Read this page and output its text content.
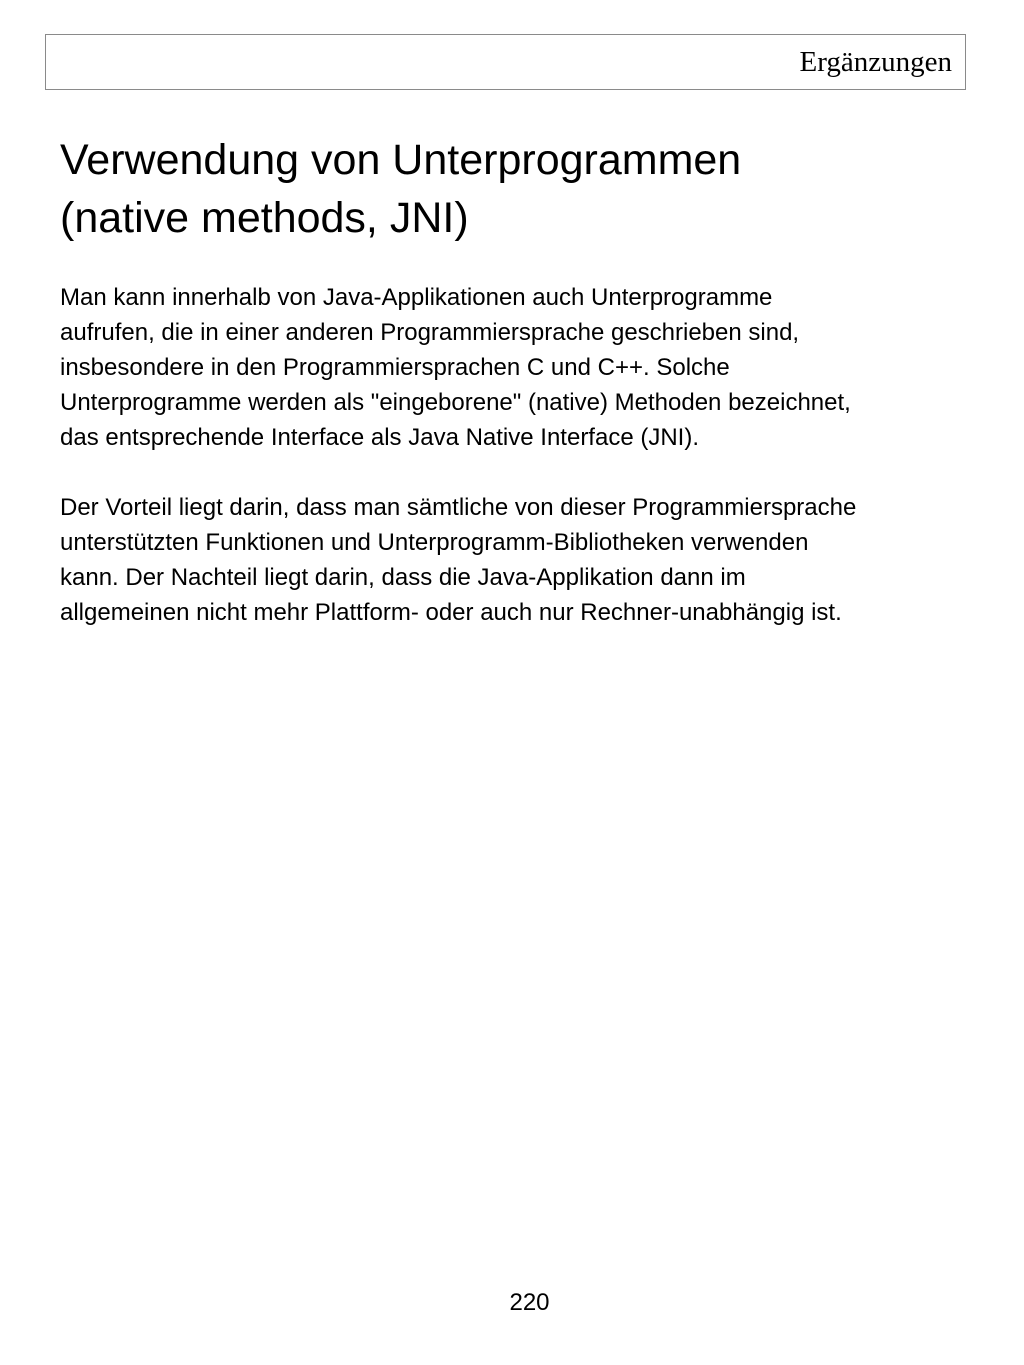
Ergänzungen
Verwendung von Unterprogrammen
(native methods, JNI)

Man kann innerhalb von Java-Applikationen auch Unterprogramme
aufrufen, die in einer anderen Programmiersprache geschrieben sind,
insbesondere in den Programmiersprachen C und C++. Solche
Unterprogramme werden als "eingeborene" (native) Methoden bezeichnet,
das entsprechende Interface als Java Native Interface (JNI).

Der Vorteil liegt darin, dass man sämtliche von dieser Programmiersprache
unterstützten Funktionen und Unterprogramm-Bibliotheken verwenden
kann. Der Nachteil liegt darin, dass die Java-Applikation dann im
allgemeinen nicht mehr Plattform- oder auch nur Rechner-unabhängig ist.

220
